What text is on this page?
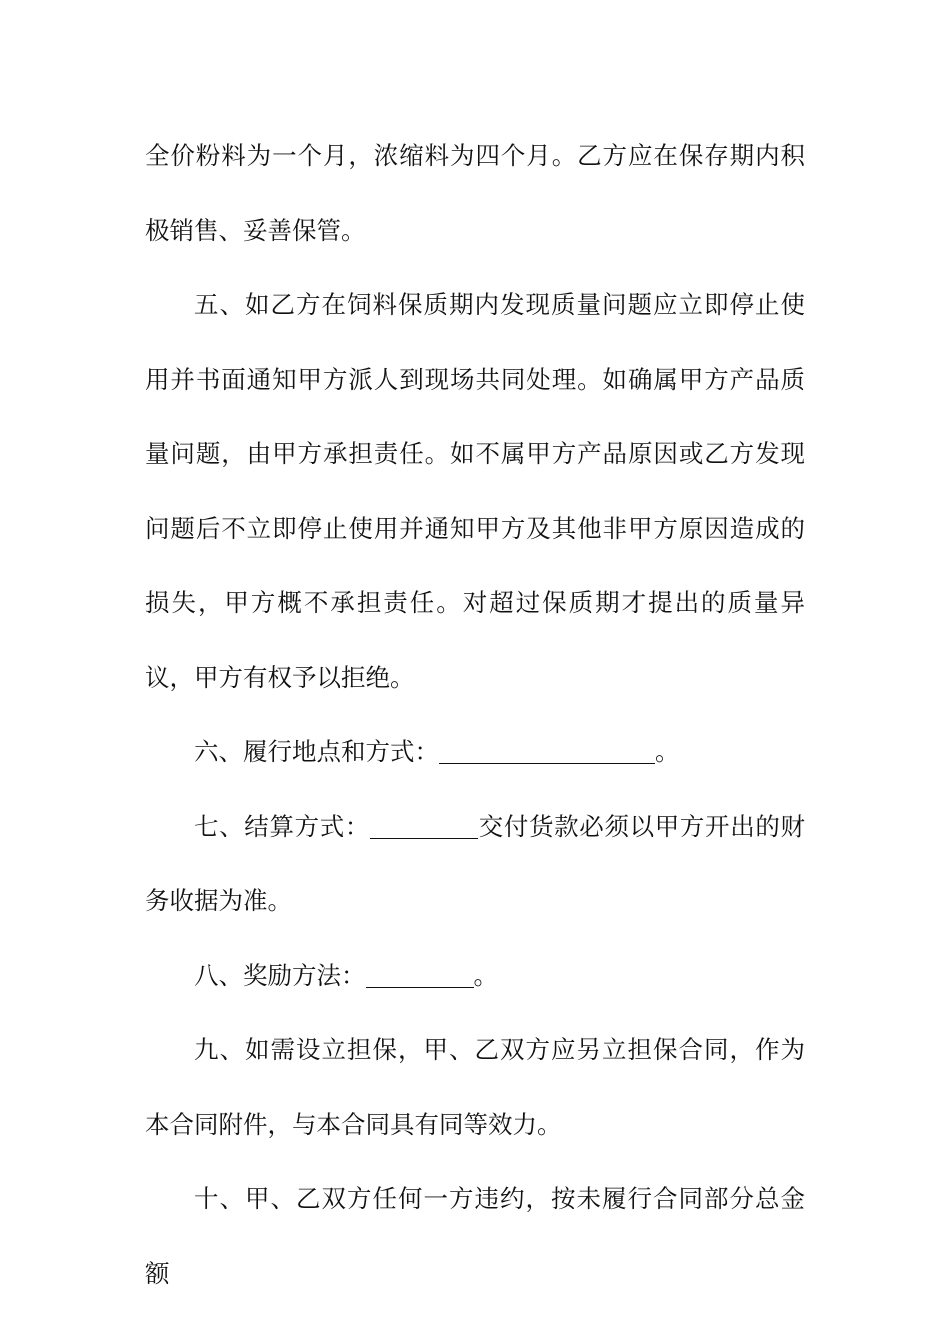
全价粉料为一个月，浓缩料为四个月。乙方应在保存期内积极销售、妥善保管。

五、如乙方在饲料保质期内发现质量问题应立即停止使用并书面通知甲方派人到现场共同处理。如确属甲方产品质量问题，由甲方承担责任。如不属甲方产品原因或乙方发现问题后不立即停止使用并通知甲方及其他非甲方原因造成的损失，甲方概不承担责任。对超过保质期才提出的质量异议，甲方有权予以拒绝。

六、履行地点和方式：	。

七、结算方式：	交付货款必须以甲方开出的财务收据为准。

八、奖励方法：	。

九、如需设立担保，甲、乙双方应另立担保合同，作为本合同附件，与本合同具有同等效力。

十、甲、乙双方任何一方违约，按未履行合同部分总金额
